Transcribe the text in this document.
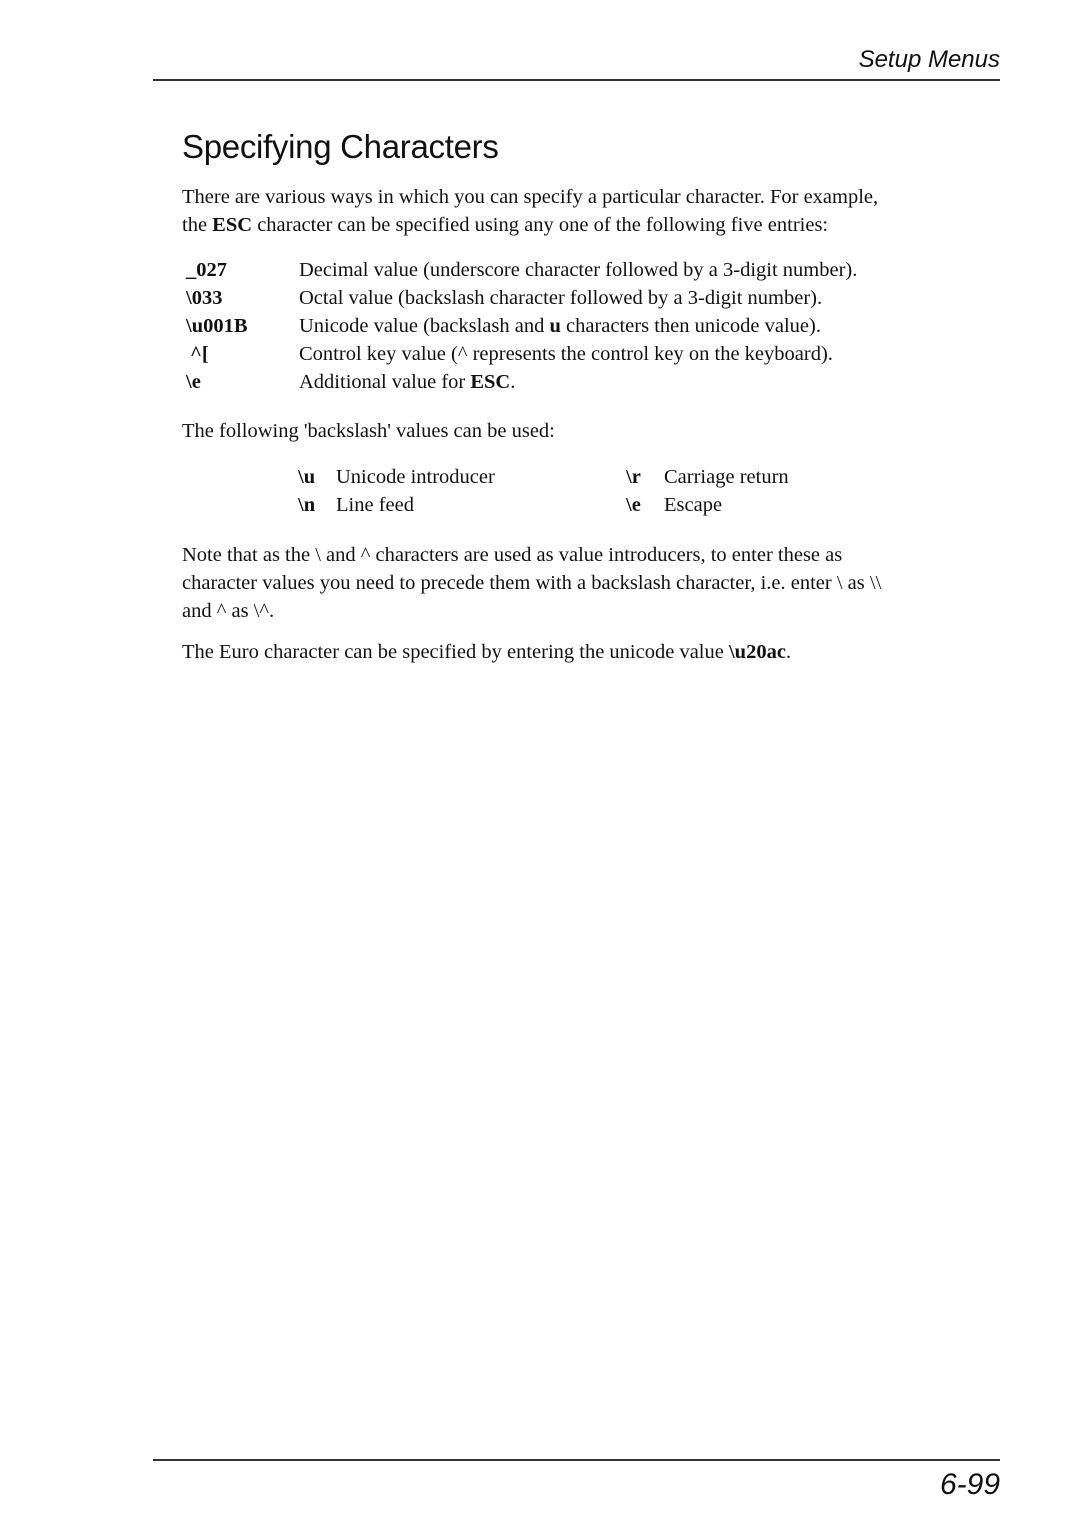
Setup Menus
Specifying Characters
There are various ways in which you can specify a particular character. For example,
the ESC character can be specified using any one of the following five entries:
_027	Decimal value (underscore character followed by a 3-digit number).
\033	Octal value (backslash character followed by a 3-digit number).
\u001B	Unicode value (backslash and u characters then unicode value).
^[	Control key value (^ represents the control key on the keyboard).
\e	Additional value for ESC.
The following 'backslash' values can be used:
\u Unicode introducer	\r Carriage return
\n Line feed	\e Escape
Note that as the \ and ^ characters are used as value introducers, to enter these as
character values you need to precede them with a backslash character, i.e. enter \ as \\
and ^ as \^.
The Euro character can be specified by entering the unicode value \u20ac.
6-99
